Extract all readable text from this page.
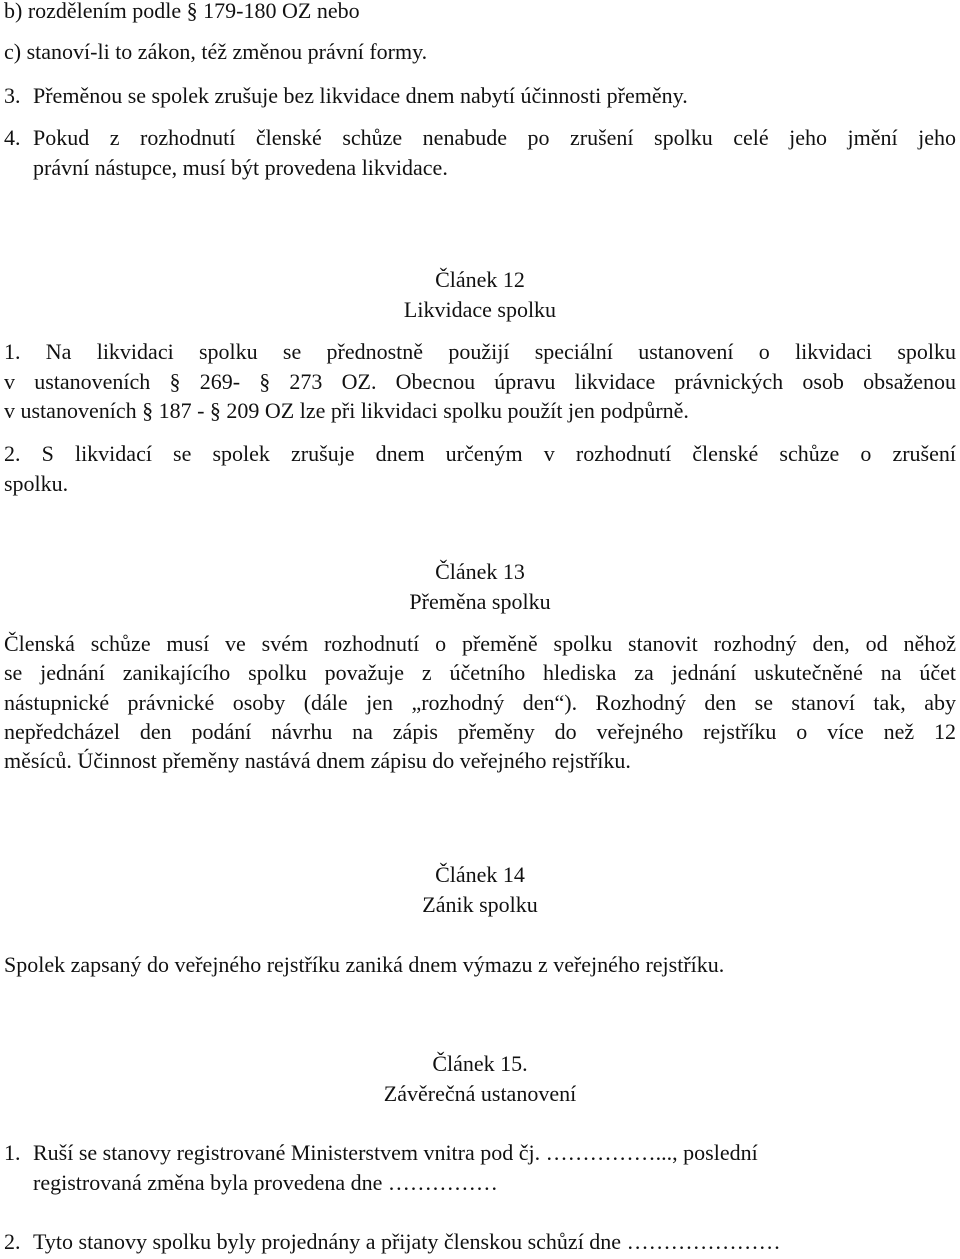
b) rozdělením podle § 179-180 OZ nebo
c) stanoví-li to zákon, též změnou právní formy.
3. Přeměnou se spolek zrušuje bez likvidace dnem nabytí účinnosti přeměny.
4. Pokud z rozhodnutí členské schůze nenabude po zrušení spolku celé jeho jmění jeho
právní nástupce, musí být provedena likvidace.
Článek 12
Likvidace spolku
1. Na likvidaci spolku se přednostně použijí speciální ustanovení o likvidaci spolku
v ustanoveních § 269- § 273 OZ. Obecnou úpravu likvidace právnických osob obsaženou
v ustanoveních § 187 - § 209 OZ lze při likvidaci spolku použít jen podpůrně.
2. S likvidací se spolek zrušuje dnem určeným v rozhodnutí členské schůze o zrušení
spolku.
Článek 13
Přeměna spolku
Členská schůze musí ve svém rozhodnutí o přeměně spolku stanovit rozhodný den, od něhož
se jednání zanikajícího spolku považuje z účetního hlediska za jednání uskutečněné na účet
nástupnické právnické osoby (dále jen „rozhodný den“). Rozhodný den se stanoví tak, aby
nepředcházel den podání návrhu na zápis přeměny do veřejného rejstříku o více než 12
měsíců. Účinnost přeměny nastává dnem zápisu do veřejného rejstříku.
Článek 14
Zánik spolku
Spolek zapsaný do veřejného rejstříku zaniká dnem výmazu z veřejného rejstříku.
Článek 15.
Závěrečná ustanovení
1. Ruší se stanovy registrované Ministerstvem vnitra pod čj. ……………..., poslední
registrovaná změna byla provedena dne ……………
2. Tyto stanovy spolku byly projednány a přijaty členskou schůzí dne …………………
